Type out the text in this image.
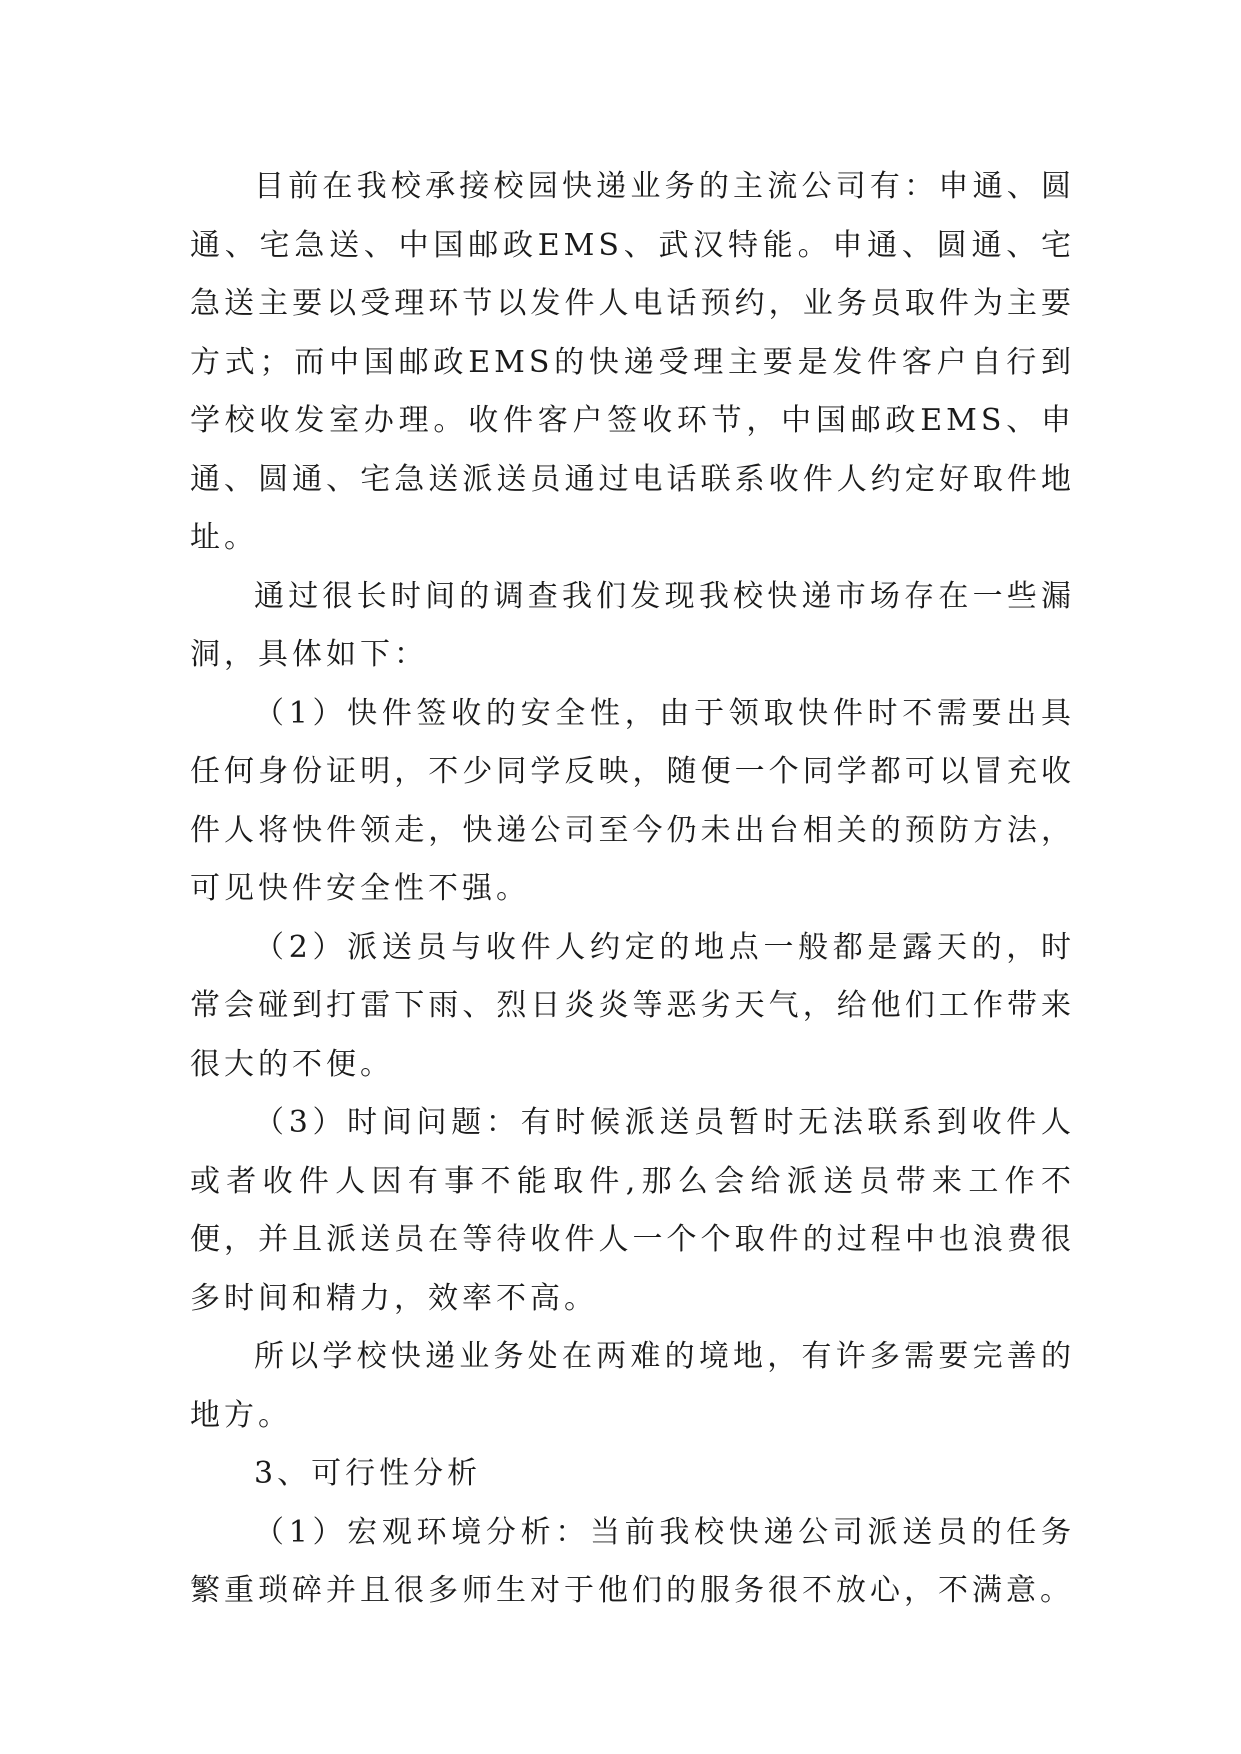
目前在我校承接校园快递业务的主流公司有：申通、圆通、宅急送、中国邮政EMS、武汉特能。申通、圆通、宅急送主要以受理环节以发件人电话预约，业务员取件为主要方式；而中国邮政EMS的快递受理主要是发件客户自行到学校收发室办理。收件客户签收环节，中国邮政EMS、申通、圆通、宅急送派送员通过电话联系收件人约定好取件地址。

通过很长时间的调查我们发现我校快递市场存在一些漏洞，具体如下：

（1）快件签收的安全性，由于领取快件时不需要出具任何身份证明，不少同学反映，随便一个同学都可以冒充收件人将快件领走，快递公司至今仍未出台相关的预防方法，可见快件安全性不强。

（2）派送员与收件人约定的地点一般都是露天的，时常会碰到打雷下雨、烈日炎炎等恶劣天气，给他们工作带来很大的不便。

（3）时间问题：有时候派送员暂时无法联系到收件人或者收件人因有事不能取件,那么会给派送员带来工作不便，并且派送员在等待收件人一个个取件的过程中也浪费很多时间和精力，效率不高。

所以学校快递业务处在两难的境地，有许多需要完善的地方。

3、可行性分析

（1）宏观环境分析：当前我校快递公司派送员的任务繁重琐碎并且很多师生对于他们的服务很不放心，不满意。
